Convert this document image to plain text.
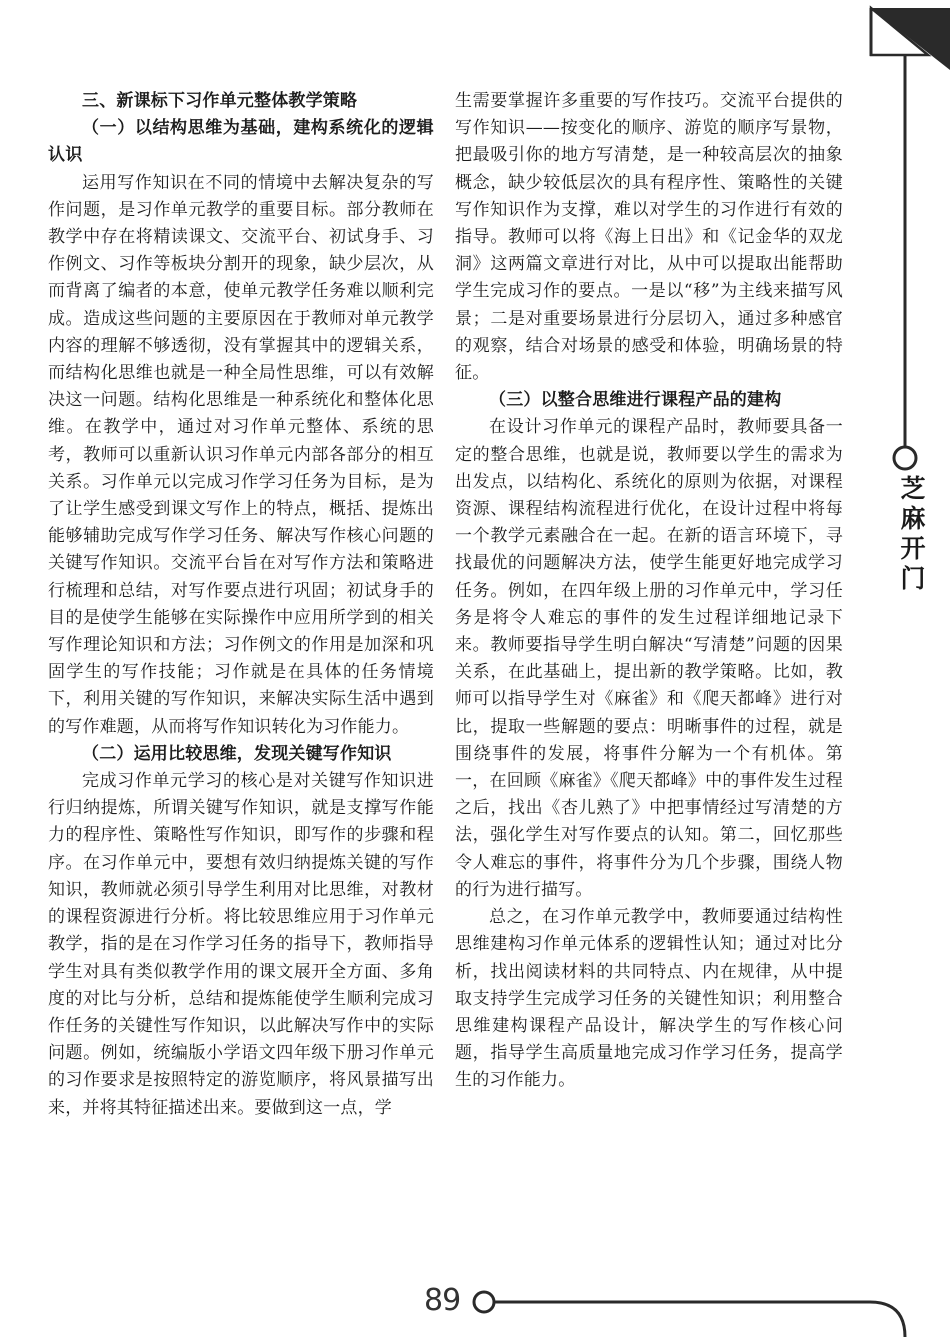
三、新课标下习作单元整体教学策略
（一）以结构思维为基础，建构系统化的逻辑认识

运用写作知识在不同的情境中去解决复杂的写作问题，是习作单元教学的重要目标。部分教师在教学中存在将精读课文、交流平台、初试身手、习作例文、习作等板块分割开的现象，缺少层次，从而背离了编者的本意，使单元教学任务难以顺利完成。造成这些问题的主要原因在于教师对单元教学内容的理解不够透彻，没有掌握其中的逻辑关系，而结构化思维也就是一种全局性思维，可以有效解决这一问题。结构化思维是一种系统化和整体化思维。在教学中，通过对习作单元整体、系统的思考，教师可以重新认识习作单元内部各部分的相互关系。习作单元以完成习作学习任务为目标，是为了让学生感受到课文写作上的特点，概括、提炼出能够辅助完成写作学习任务、解决写作核心问题的关键写作知识。交流平台旨在对写作方法和策略进行梳理和总结，对写作要点进行巩固；初试身手的目的是使学生能够在实际操作中应用所学到的相关写作理论知识和方法；习作例文的作用是加深和巩固学生的写作技能；习作就是在具体的任务情境下，利用关键的写作知识，来解决实际生活中遇到的写作难题，从而将写作知识转化为习作能力。

（二）运用比较思维，发现关键写作知识

完成习作单元学习的核心是对关键写作知识进行归纳提炼，所谓关键写作知识，就是支撑写作能力的程序性、策略性写作知识，即写作的步骤和程序。在习作单元中，要想有效归纳提炼关键的写作知识，教师就必须引导学生利用对比思维，对教材的课程资源进行分析。将比较思维应用于习作单元教学，指的是在习作学习任务的指导下，教师指导学生对具有类似教学作用的课文展开全方面、多角度的对比与分析，总结和提炼能使学生顺利完成习作任务的关键性写作知识，以此解决写作中的实际问题。例如，统编版小学语文四年级下册习作单元的习作要求是按照特定的游览顺序，将风景描写出来，并将其特征描述出来。要做到这一点，学

生需要掌握许多重要的写作技巧。交流平台提供的写作知识——按变化的顺序、游览的顺序写景物，把最吸引你的地方写清楚，是一种较高层次的抽象概念，缺少较低层次的具有程序性、策略性的关键写作知识作为支撑，难以对学生的习作进行有效的指导。教师可以将《海上日出》和《记金华的双龙洞》这两篇文章进行对比，从中可以提取出能帮助学生完成习作的要点。一是以“移”为主线来描写风景；二是对重要场景进行分层切入，通过多种感官的观察，结合对场景的感受和体验，明确场景的特征。

（三）以整合思维进行课程产品的建构

在设计习作单元的课程产品时，教师要具备一定的整合思维，也就是说，教师要以学生的需求为出发点，以结构化、系统化的原则为依据，对课程资源、课程结构流程进行优化，在设计过程中将每一个教学元素融合在一起。在新的语言环境下，寻找最优的问题解决方法，使学生能更好地完成学习任务。例如，在四年级上册的习作单元中，学习任务是将令人难忘的事件的发生过程详细地记录下来。教师要指导学生明白解决“写清楚”问题的因果关系，在此基础上，提出新的教学策略。比如，教师可以指导学生对《麻雀》和《爬天都峰》进行对比，提取一些解题的要点：明晰事件的过程，就是围绕事件的发展，将事件分解为一个有机体。第一，在回顾《麻雀》《爬天都峰》中的事件发生过程之后，找出《杏儿熟了》中把事情经过写清楚的方法，强化学生对写作要点的认知。第二，回忆那些令人难忘的事件，将事件分为几个步骤，围绕人物的行为进行描写。

总之，在习作单元教学中，教师要通过结构性思维建构习作单元体系的逻辑性认知；通过对比分析，找出阅读材料的共同特点、内在规律，从中提取支持学生完成学习任务的关键性知识；利用整合思维建构课程产品设计，解决学生的写作核心问题，指导学生高质量地完成习作学习任务，提高学生的习作能力。

芝
麻
开
门
89
